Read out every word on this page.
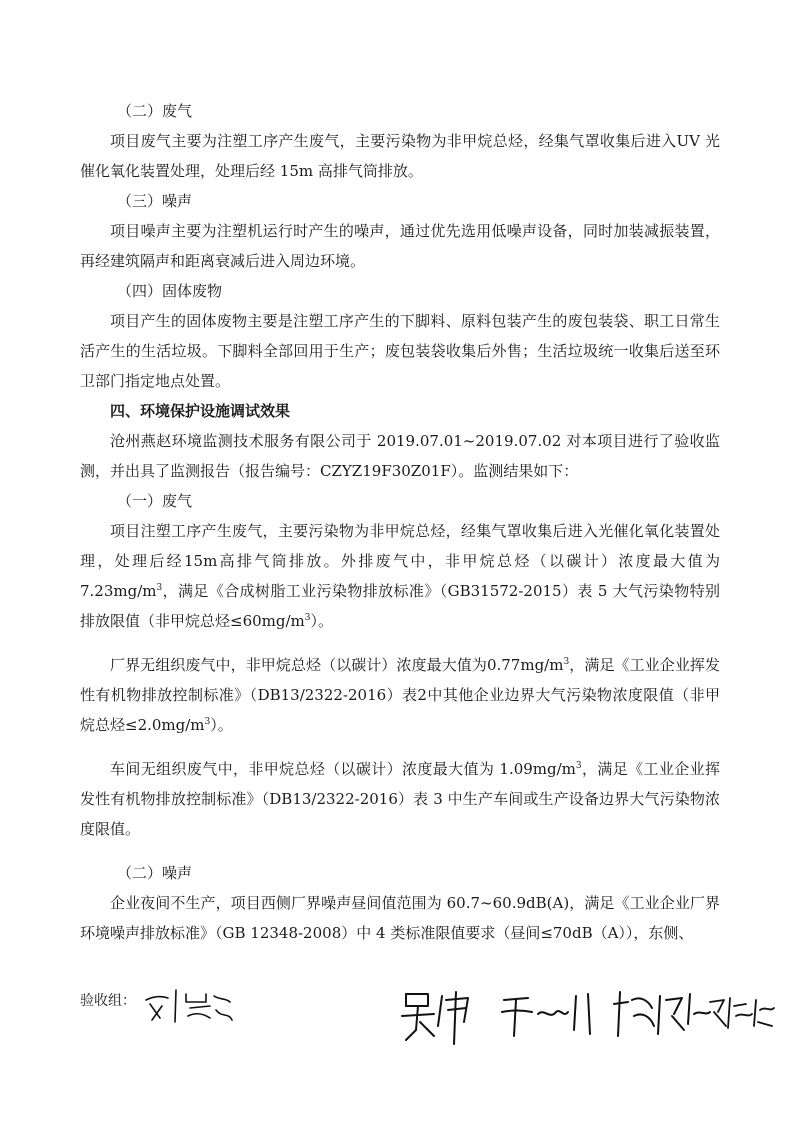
（二）废气

项目废气主要为注塑工序产生废气，主要污染物为非甲烷总烃，经集气罩收集后进入UV 光催化氧化装置处理，处理后经 15m 高排气筒排放。

（三）噪声

项目噪声主要为注塑机运行时产生的噪声，通过优先选用低噪声设备，同时加装减振装置，再经建筑隔声和距离衰减后进入周边环境。

（四）固体废物

项目产生的固体废物主要是注塑工序产生的下脚料、原料包装产生的废包装袋、职工日常生活产生的生活垃圾。下脚料全部回用于生产；废包装袋收集后外售；生活垃圾统一收集后送至环卫部门指定地点处置。

四、环境保护设施调试效果

沧州燕赵环境监测技术服务有限公司于 2019.07.01~2019.07.02 对本项目进行了验收监测，并出具了监测报告（报告编号：CZYZ19F30Z01F）。监测结果如下：

（一）废气

项目注塑工序产生废气，主要污染物为非甲烷总烃，经集气罩收集后进入光催化氧化装置处理，处理后经15m高排气筒排放。外排废气中，非甲烷总烃（以碳计）浓度最大值为$7.23mg/m^3$，满足《合成树脂工业污染物排放标准》（GB31572-2015）表 5 大气污染物特别排放限值（非甲烷总烃$\le 60mg/m^3$）。

厂界无组织废气中，非甲烷总烃（以碳计）浓度最大值为$0.77mg/m^3$，满足《工业企业挥发性有机物排放控制标准》（DB13/2322-2016）表2中其他企业边界大气污染物浓度限值（非甲烷总烃$\le 2.0mg/m^3$）。

车间无组织废气中，非甲烷总烃（以碳计）浓度最大值为 $1.09mg/m^3$，满足《工业企业挥发性有机物排放控制标准》（DB13/2322-2016）表 3 中生产车间或生产设备边界大气污染物浓度限值。

（二）噪声

企业夜间不生产，项目西侧厂界噪声昼间值范围为 60.7~60.9dB(A)，满足《工业企业厂界环境噪声排放标准》（GB 12348-2008）中 4 类标准限值要求（昼间≤70dB（A）），东侧、

验收组：
